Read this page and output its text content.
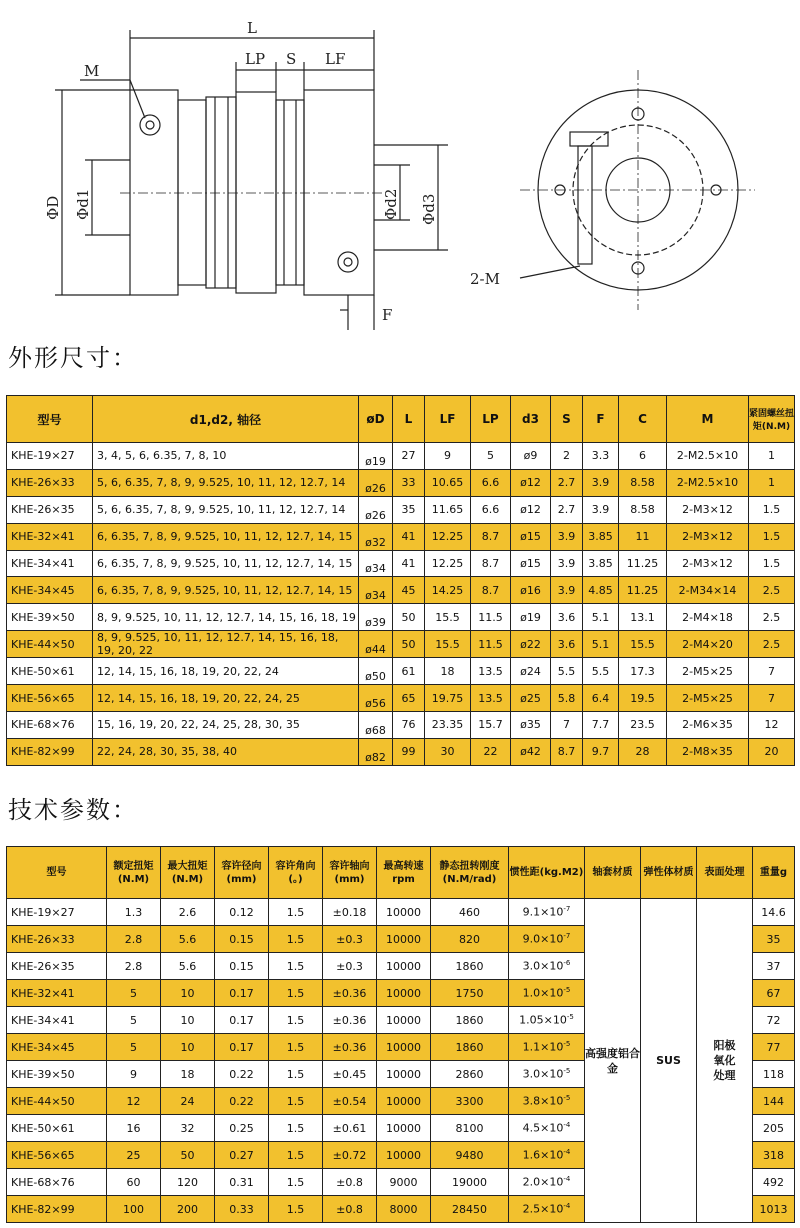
L
LP S LF
M
F
2-M
ΦD Φd1	Φd2 Φd3
外形尺寸：
型号	d1,d2, 轴径	øD	L	LF	LP	d3	S	F	C	M	紧固螺丝扭矩(N.M)
KHE-19×27	3, 4, 5, 6, 6.35, 7, 8, 10	ø19	27	9	5	ø9	2	3.3	6	2-M2.5×10	1
KHE-26×33	5, 6, 6.35, 7, 8, 9, 9.525, 10, 11, 12, 12.7, 14	ø26	33	10.65	6.6	ø12	2.7	3.9	8.58	2-M2.5×10	1
KHE-26×35	5, 6, 6.35, 7, 8, 9, 9.525, 10, 11, 12, 12.7, 14	ø26	35	11.65	6.6	ø12	2.7	3.9	8.58	2-M3×12	1.5
KHE-32×41	6, 6.35, 7, 8, 9, 9.525, 10, 11, 12, 12.7, 14, 15	ø32	41	12.25	8.7	ø15	3.9	3.85	11	2-M3×12	1.5
KHE-34×41	6, 6.35, 7, 8, 9, 9.525, 10, 11, 12, 12.7, 14, 15	ø34	41	12.25	8.7	ø15	3.9	3.85	11.25	2-M3×12	1.5
KHE-34×45	6, 6.35, 7, 8, 9, 9.525, 10, 11, 12, 12.7, 14, 15	ø34	45	14.25	8.7	ø16	3.9	4.85	11.25	2-M34×14	2.5
KHE-39×50	8, 9, 9.525, 10, 11, 12, 12.7, 14, 15, 16, 18, 19	ø39	50	15.5	11.5	ø19	3.6	5.1	13.1	2-M4×18	2.5
KHE-44×50	8, 9, 9.525, 10, 11, 12, 12.7, 14, 15, 16, 18, 19, 20, 22	ø44	50	15.5	11.5	ø22	3.6	5.1	15.5	2-M4×20	2.5
KHE-50×61	12, 14, 15, 16, 18, 19, 20, 22, 24	ø50	61	18	13.5	ø24	5.5	5.5	17.3	2-M5×25	7
KHE-56×65	12, 14, 15, 16, 18, 19, 20, 22, 24, 25	ø56	65	19.75	13.5	ø25	5.8	6.4	19.5	2-M5×25	7
KHE-68×76	15, 16, 19, 20, 22, 24, 25, 28, 30, 35	ø68	76	23.35	15.7	ø35	7	7.7	23.5	2-M6×35	12
KHE-82×99	22, 24, 28, 30, 35, 38, 40	ø82	99	30	22	ø42	8.7	9.7	28	2-M8×35	20
技术参数：
型号	额定扭矩(N.M)	最大扭矩(N.M)	容许径向(mm)	容许角向(。)	容许轴向(mm)	最高转速rpm	静态扭转刚度(N.M/rad)	惯性距(kg.M2)	轴套材质	弹性体材质	表面处理	重量g
KHE-19×27	1.3	2.6	0.12	1.5	±0.18	10000	460	$9.1\times 10^{-7}$	高强度铝合金	SUS	阳极氧化处理	14.6
KHE-26×33	2.8	5.6	0.15	1.5	±0.3	10000	820	$9.0\times 10^{-7}$				35
KHE-26×35	2.8	5.6	0.15	1.5	±0.3	10000	1860	$3.0\times 10^{-6}$				37
KHE-32×41	5	10	0.17	1.5	±0.36	10000	1750	$1.0\times 10^{-5}$				67
KHE-34×41	5	10	0.17	1.5	±0.36	10000	1860	$1.05\times 10^{-5}$				72
KHE-34×45	5	10	0.17	1.5	±0.36	10000	1860	$1.1\times 10^{-5}$				77
KHE-39×50	9	18	0.22	1.5	±0.45	10000	2860	$3.0\times 10^{-5}$				118
KHE-44×50	12	24	0.22	1.5	±0.54	10000	3300	$3.8\times 10^{-5}$				144
KHE-50×61	16	32	0.25	1.5	±0.61	10000	8100	$4.5\times 10^{-4}$				205
KHE-56×65	25	50	0.27	1.5	±0.72	10000	9480	$1.6\times 10^{-4}$				318
KHE-68×76	60	120	0.31	1.5	±0.8	9000	19000	$2.0\times 10^{-4}$				492
KHE-82×99	100	200	0.33	1.5	±0.8	8000	28450	$2.5\times 10^{-4}$				1013
